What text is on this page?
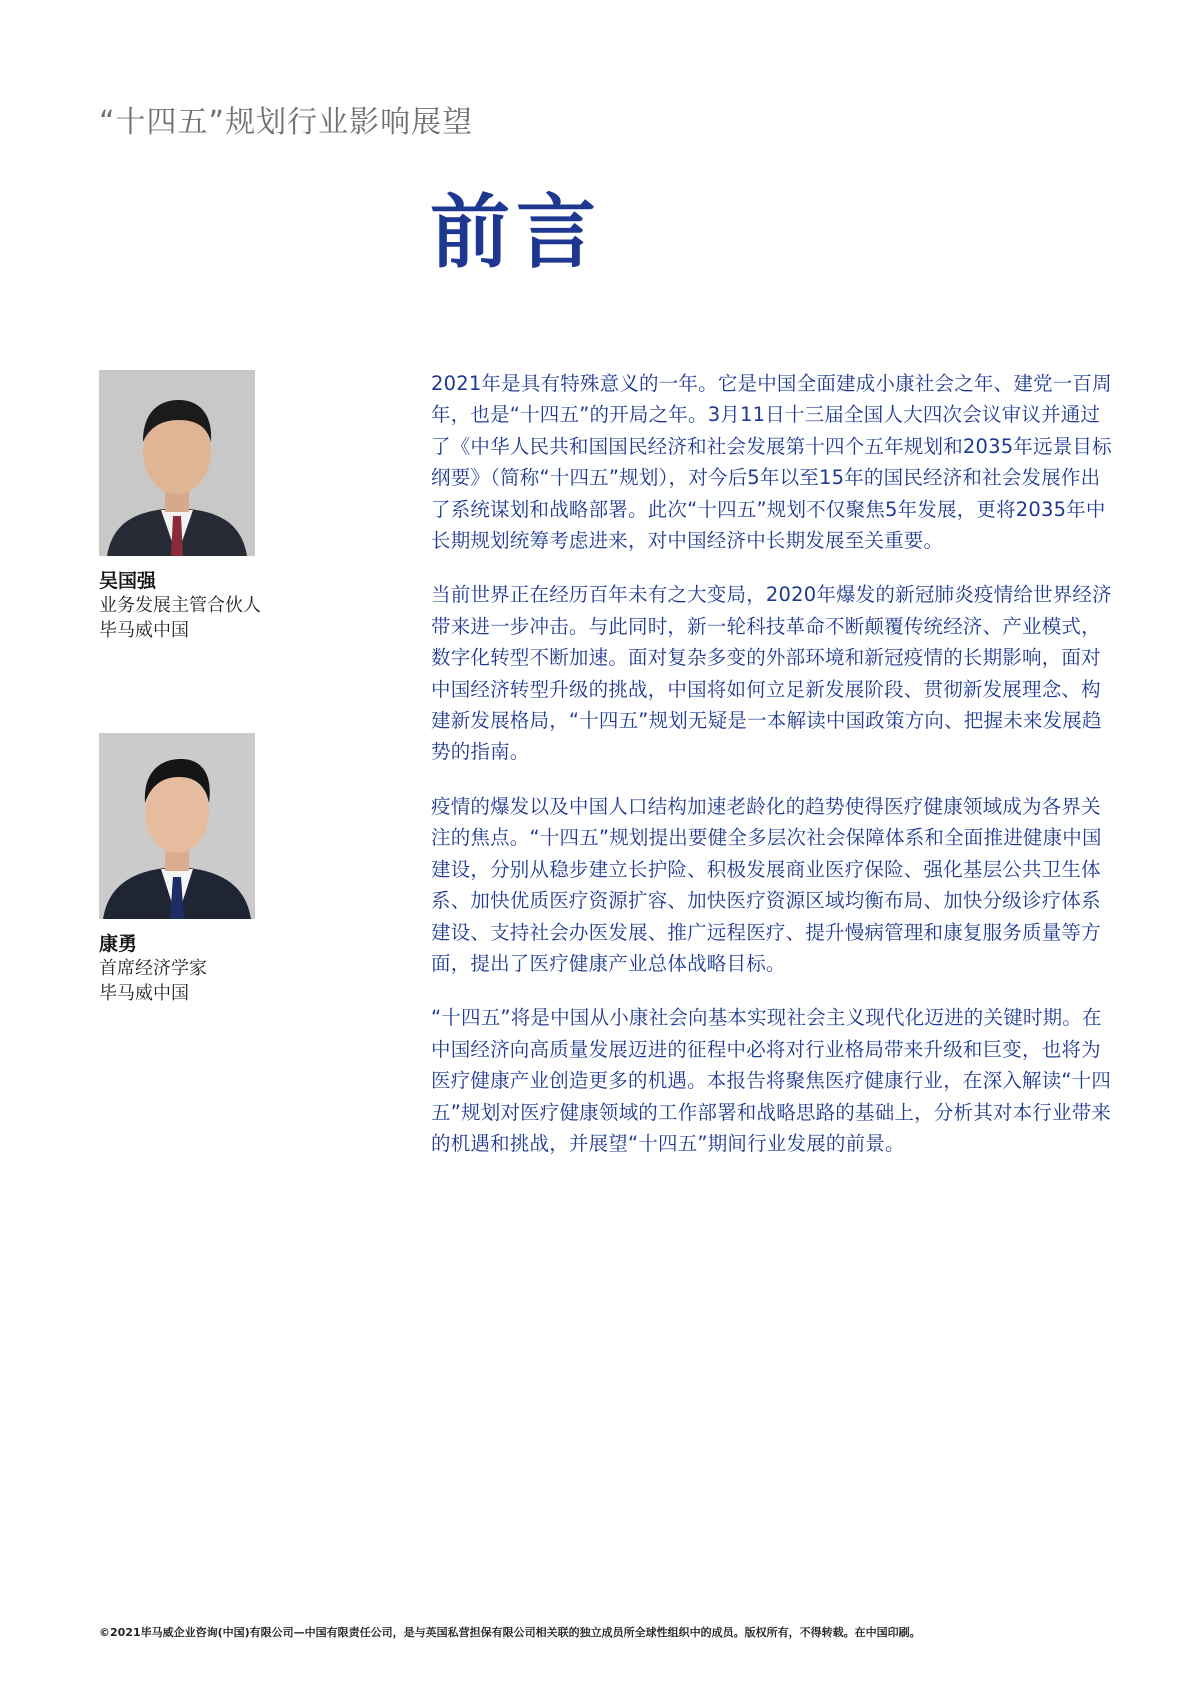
“十四五”规划行业影响展望
前言
吴国强
业务发展主管合伙人
毕马威中国
康勇
首席经济学家
毕马威中国

2021年是具有特殊意义的一年。它是中国全面建成小康社会之年、建党一百周年，也是“十四五”的开局之年。3月11日十三届全国人大四次会议审议并通过了《中华人民共和国国民经济和社会发展第十四个五年规划和2035年远景目标纲要》（简称“十四五”规划），对今后5年以至15年的国民经济和社会发展作出了系统谋划和战略部署。此次“十四五”规划不仅聚焦5年发展，更将2035年中长期规划统筹考虑进来，对中国经济中长期发展至关重要。

当前世界正在经历百年未有之大变局，2020年爆发的新冠肺炎疫情给世界经济带来进一步冲击。与此同时，新一轮科技革命不断颠覆传统经济、产业模式，数字化转型不断加速。面对复杂多变的外部环境和新冠疫情的长期影响，面对中国经济转型升级的挑战，中国将如何立足新发展阶段、贯彻新发展理念、构建新发展格局，“十四五”规划无疑是一本解读中国政策方向、把握未来发展趋势的指南。

疫情的爆发以及中国人口结构加速老龄化的趋势使得医疗健康领域成为各界关注的焦点。“十四五”规划提出要健全多层次社会保障体系和全面推进健康中国建设，分别从稳步建立长护险、积极发展商业医疗保险、强化基层公共卫生体系、加快优质医疗资源扩容、加快医疗资源区域均衡布局、加快分级诊疗体系建设、支持社会办医发展、推广远程医疗、提升慢病管理和康复服务质量等方面，提出了医疗健康产业总体战略目标。

“十四五”将是中国从小康社会向基本实现社会主义现代化迈进的关键时期。在中国经济向高质量发展迈进的征程中必将对行业格局带来升级和巨变，也将为医疗健康产业创造更多的机遇。本报告将聚焦医疗健康行业，在深入解读“十四五”规划对医疗健康领域的工作部署和战略思路的基础上，分析其对本行业带来的机遇和挑战，并展望“十四五”期间行业发展的前景。

©2021毕马威企业咨询(中国)有限公司—中国有限责任公司，是与英国私营担保有限公司相关联的独立成员所全球性组织中的成员。版权所有，不得转载。在中国印刷。
